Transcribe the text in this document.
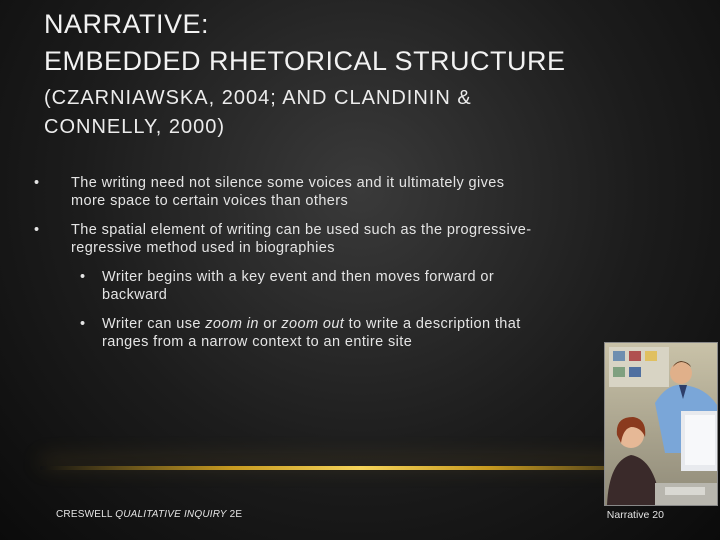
NARRATIVE:
EMBEDDED RHETORICAL STRUCTURE
(CZARNIAWSKA, 2004; AND CLANDININ &
CONNELLY, 2000)
• The writing need not silence some voices and it ultimately gives
more space to certain voices than others
• The spatial element of writing can be used such as the progressive-
regressive method used in biographies
• Writer begins with a key event and then moves forward or
backward
• Writer can use zoom in or zoom out to write a description that
ranges from a narrow context to an entire site
CRESWELL QUALITATIVE INQUIRY 2E	Narrative 20
